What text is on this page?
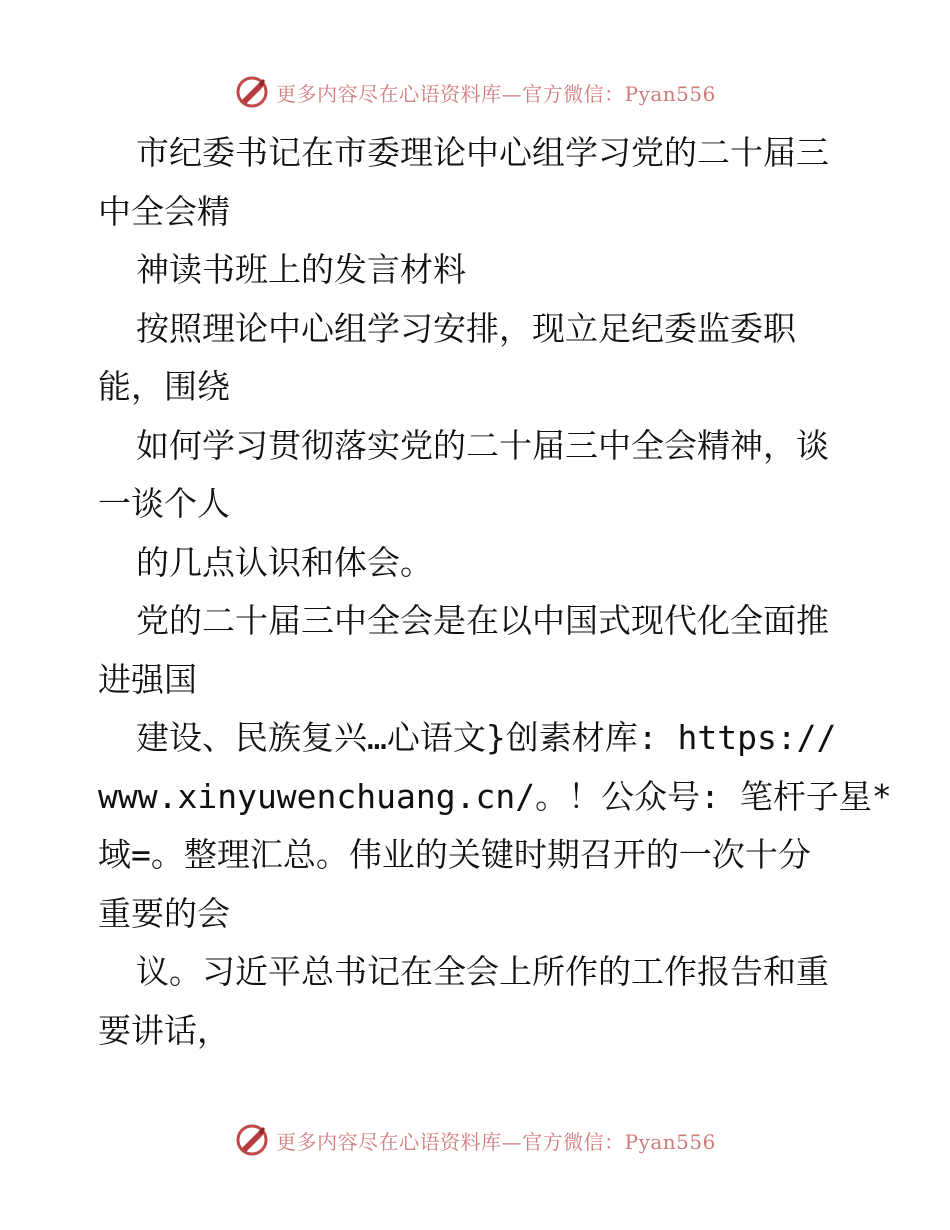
更多内容尽在心语资料库—官方微信：Pyan556
市纪委书记在市委理论中心组学习党的二十届三
中全会精
神读书班上的发言材料
按照理论中心组学习安排，现立足纪委监委职
能，围绕
如何学习贯彻落实党的二十届三中全会精神，谈
一谈个人
的几点认识和体会。
党的二十届三中全会是在以中国式现代化全面推
进强国
建设、民族复兴…心语文}创素材库: https://
www.xinyuwenchuang.cn/。！公众号: 笔杆子星*
域=。整理汇总。伟业的关键时期召开的一次十分
重要的会
议。习近平总书记在全会上所作的工作报告和重
要讲话，
更多内容尽在心语资料库—官方微信：Pyan556
